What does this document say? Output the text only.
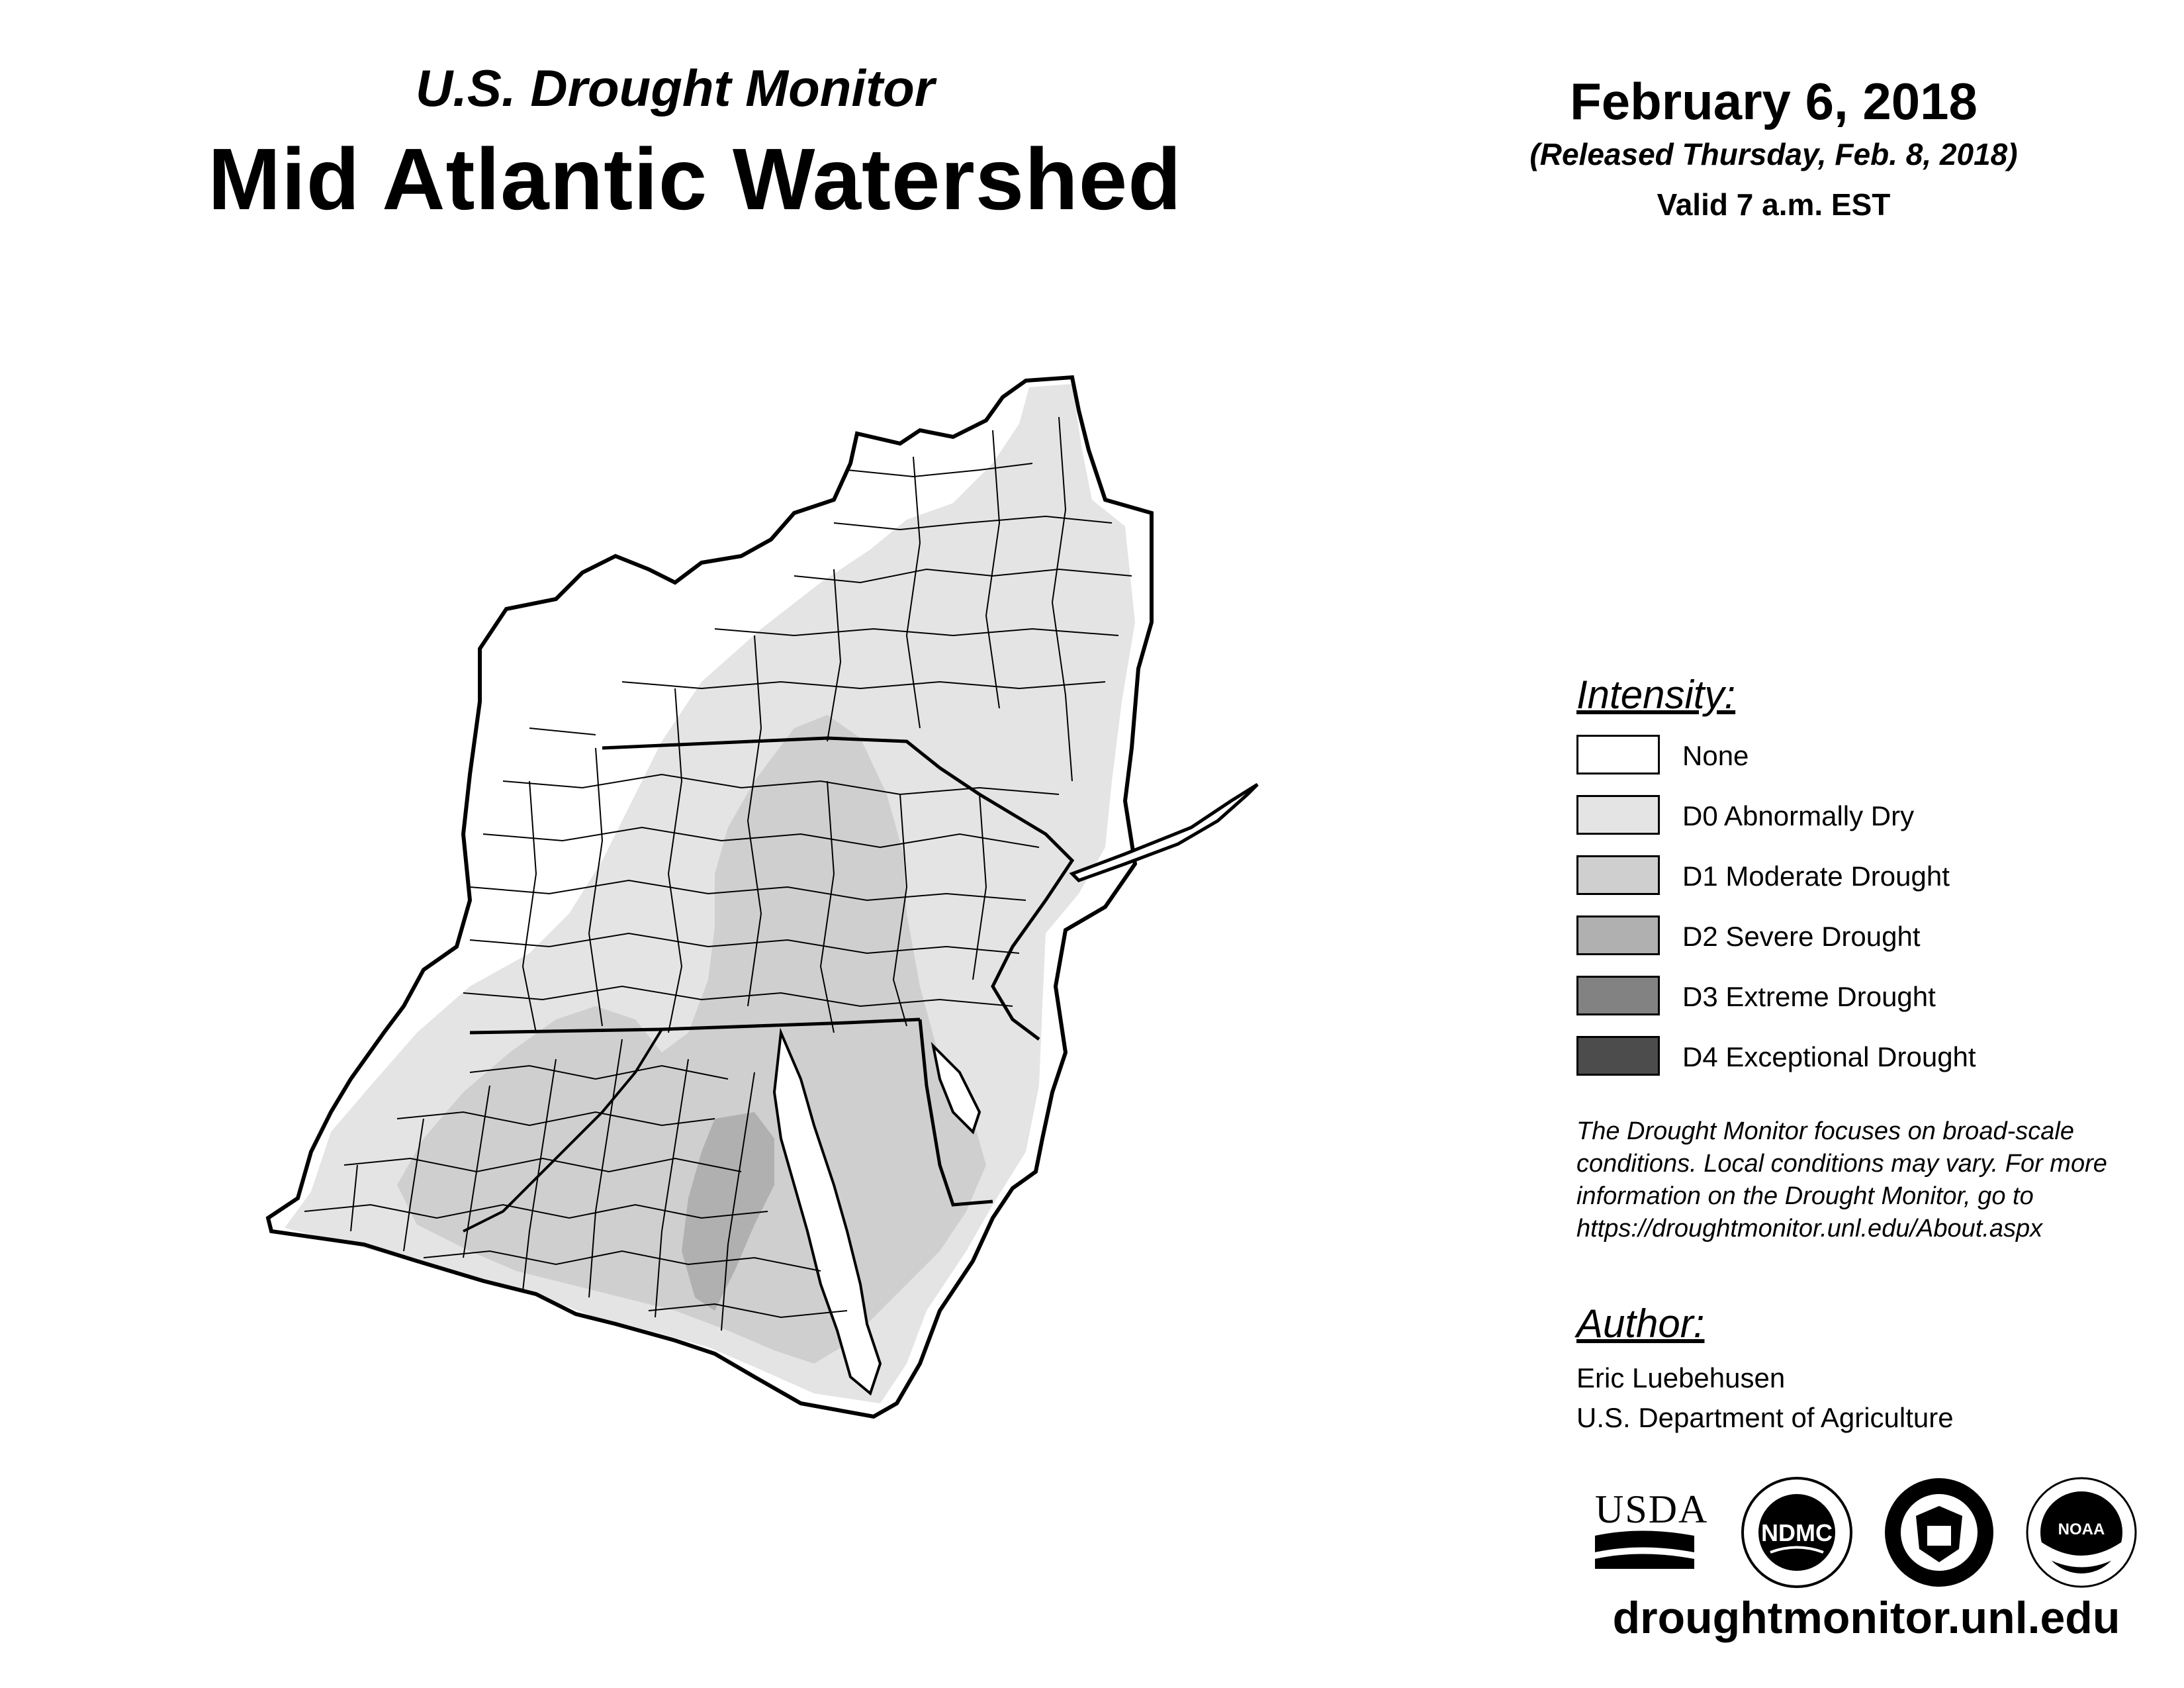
U.S. Drought Monitor
Mid Atlantic Watershed
February 6, 2018
(Released Thursday, Feb. 8, 2018)
Valid 7 a.m. EST
Intensity:
None
D0 Abnormally Dry
D1 Moderate Drought
D2 Severe Drought
D3 Extreme Drought
D4 Exceptional Drought
The Drought Monitor focuses on broad-scale conditions. Local conditions may vary. For more information on the Drought Monitor, go to https://droughtmonitor.unl.edu/About.aspx
Author:
Eric Luebehusen
U.S. Department of Agriculture
USDA
NDMC	NOAA
droughtmonitor.unl.edu
